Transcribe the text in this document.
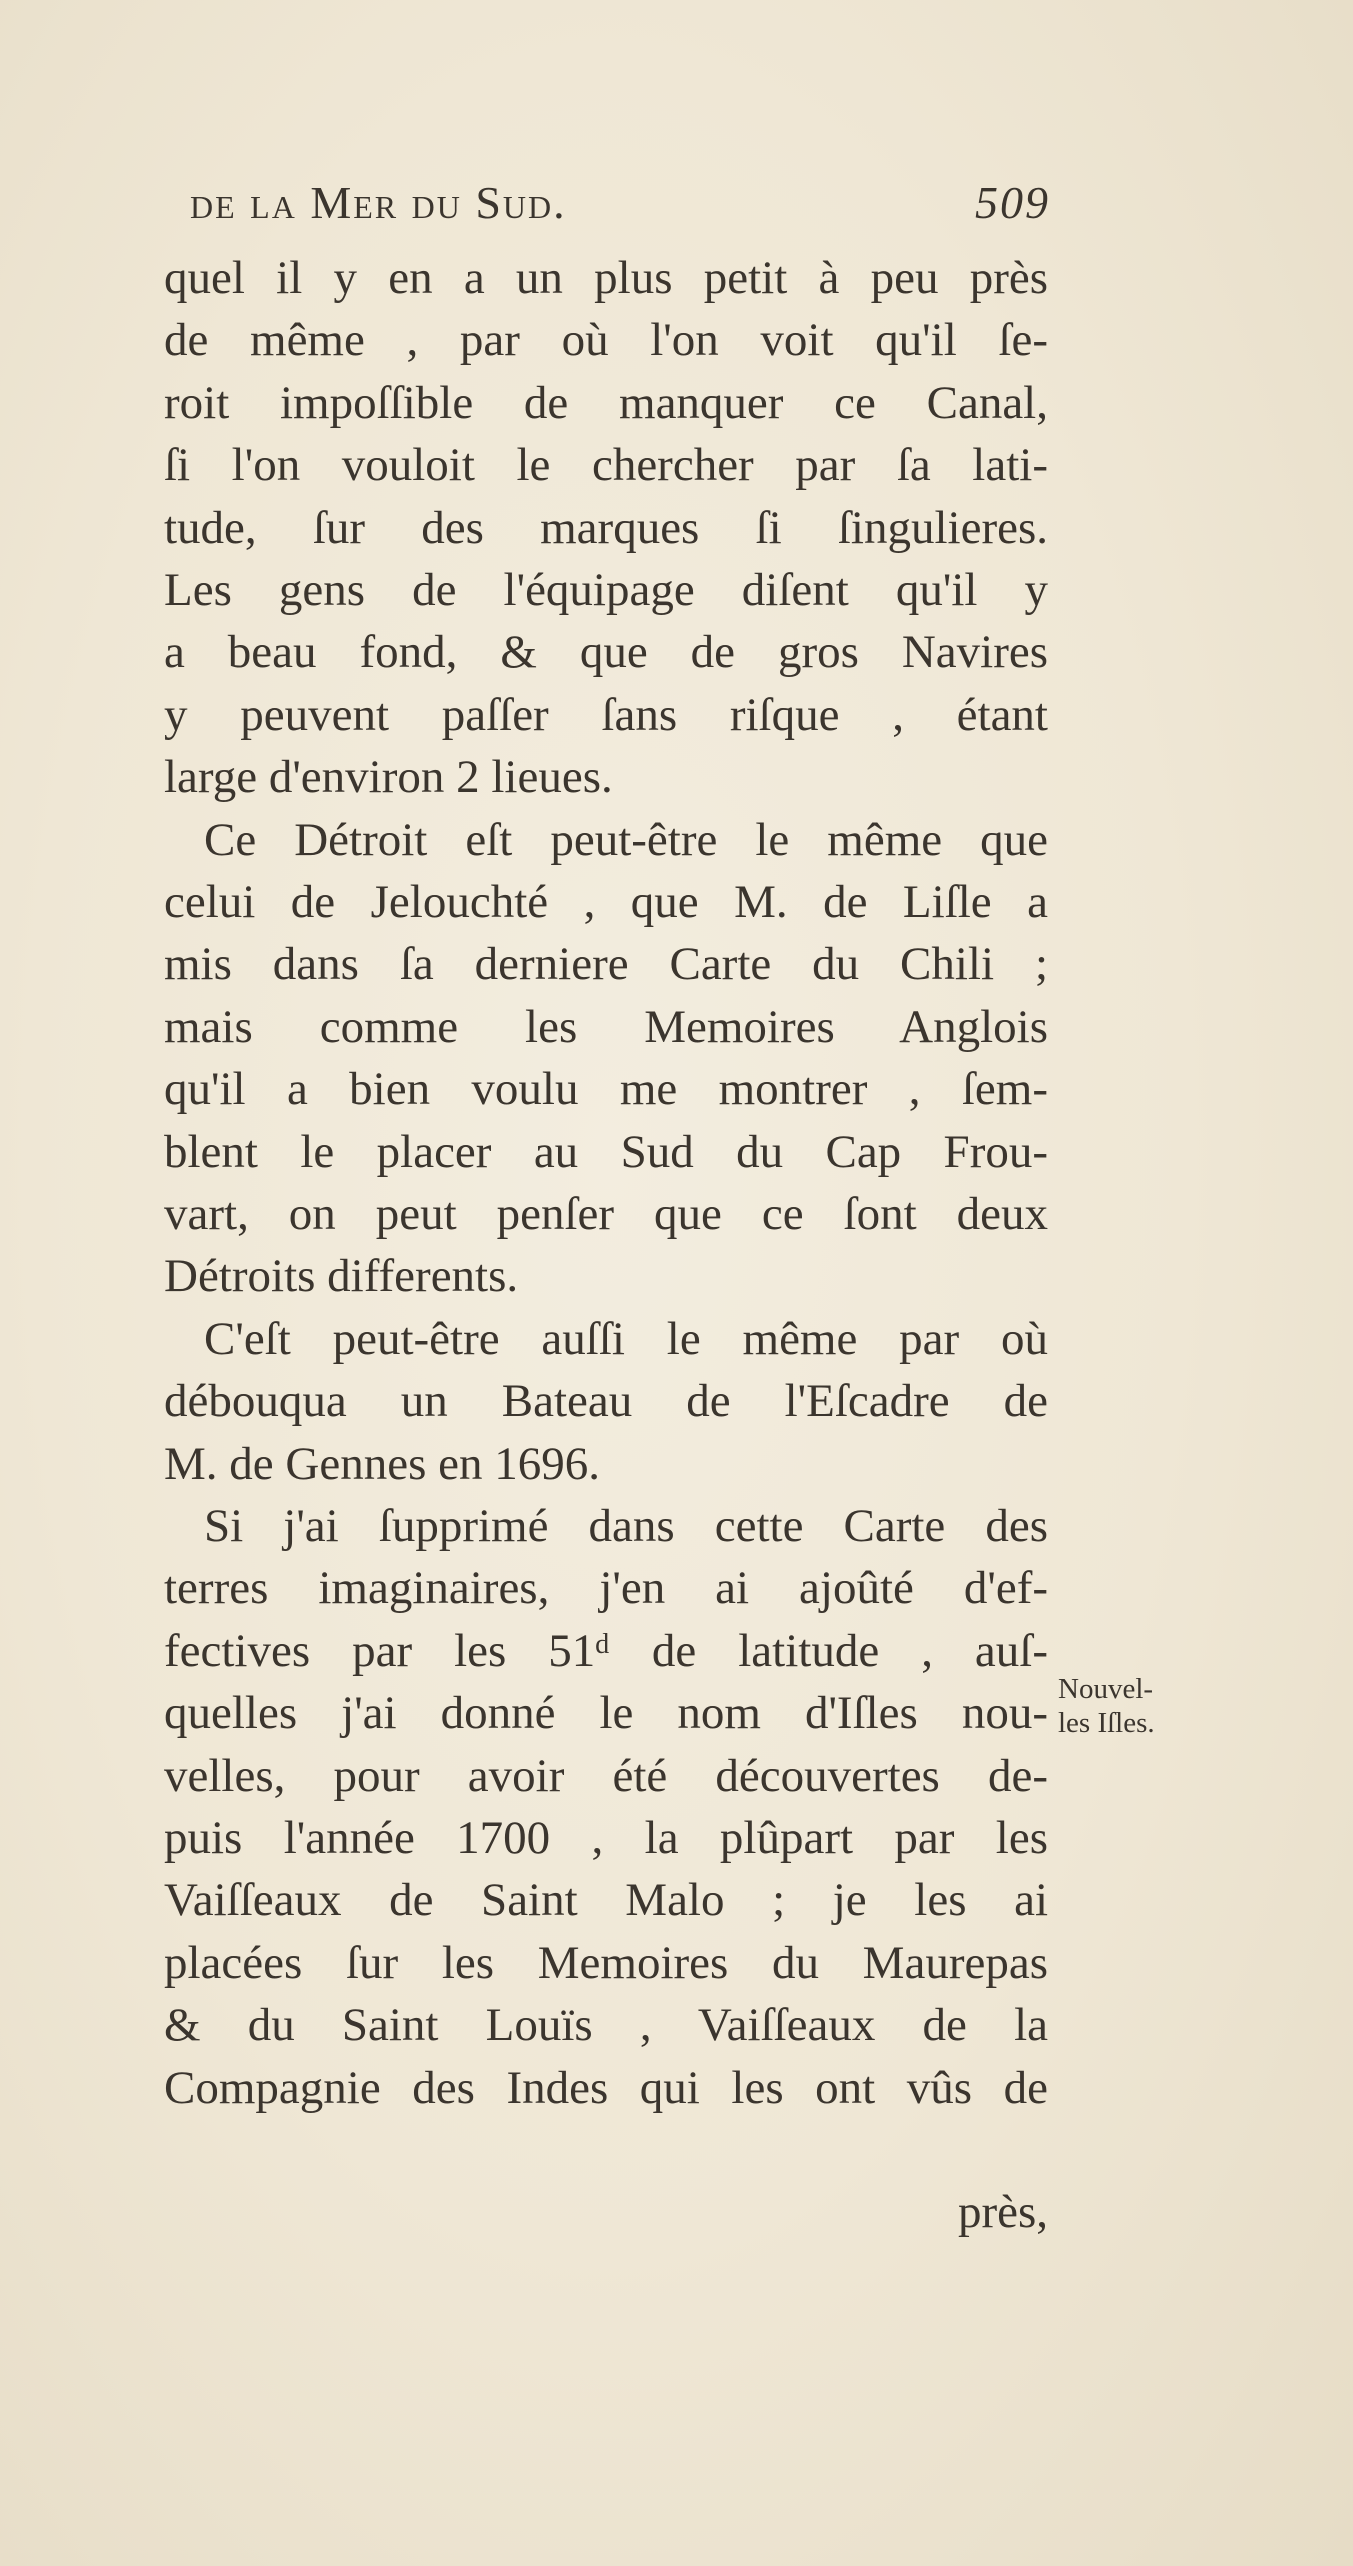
de la Mer du Sud.	509
quel il y en a un plus petit à peu près
de même , par où l'on voit qu'il ſe-
roit impoſſible de manquer ce Canal,
ſi l'on vouloit le chercher par ſa lati-
tude, ſur des marques ſi ſingulieres.
Les gens de l'équipage diſent qu'il y
a beau fond, & que de gros Navires
y peuvent paſſer ſans riſque , étant
large d'environ 2 lieues.
Ce Détroit eſt peut-être le même que
celui de Jelouchté , que M. de Liſle a
mis dans ſa derniere Carte du Chili ;
mais comme les Memoires Anglois
qu'il a bien voulu me montrer , ſem-
blent le placer au Sud du Cap Frou-
vart, on peut penſer que ce ſont deux
Détroits differents.
C'eſt peut-être auſſi le même par où
débouqua un Bateau de l'Eſcadre de
M. de Gennes en 1696.
Si j'ai ſupprimé dans cette Carte des
terres imaginaires, j'en ai ajoûté d'ef-
fectives par les 51ᵈ de latitude , auſ-
quelles j'ai donné le nom d'Iſles nou-
velles, pour avoir été découvertes de-
puis l'année 1700 , la plûpart par les
Vaiſſeaux de Saint Malo ; je les ai
placées ſur les Memoires du Maurepas
& du Saint Louïs , Vaiſſeaux de la
Compagnie des Indes qui les ont vûs de
près,
Nouvel-
les Iſles.
